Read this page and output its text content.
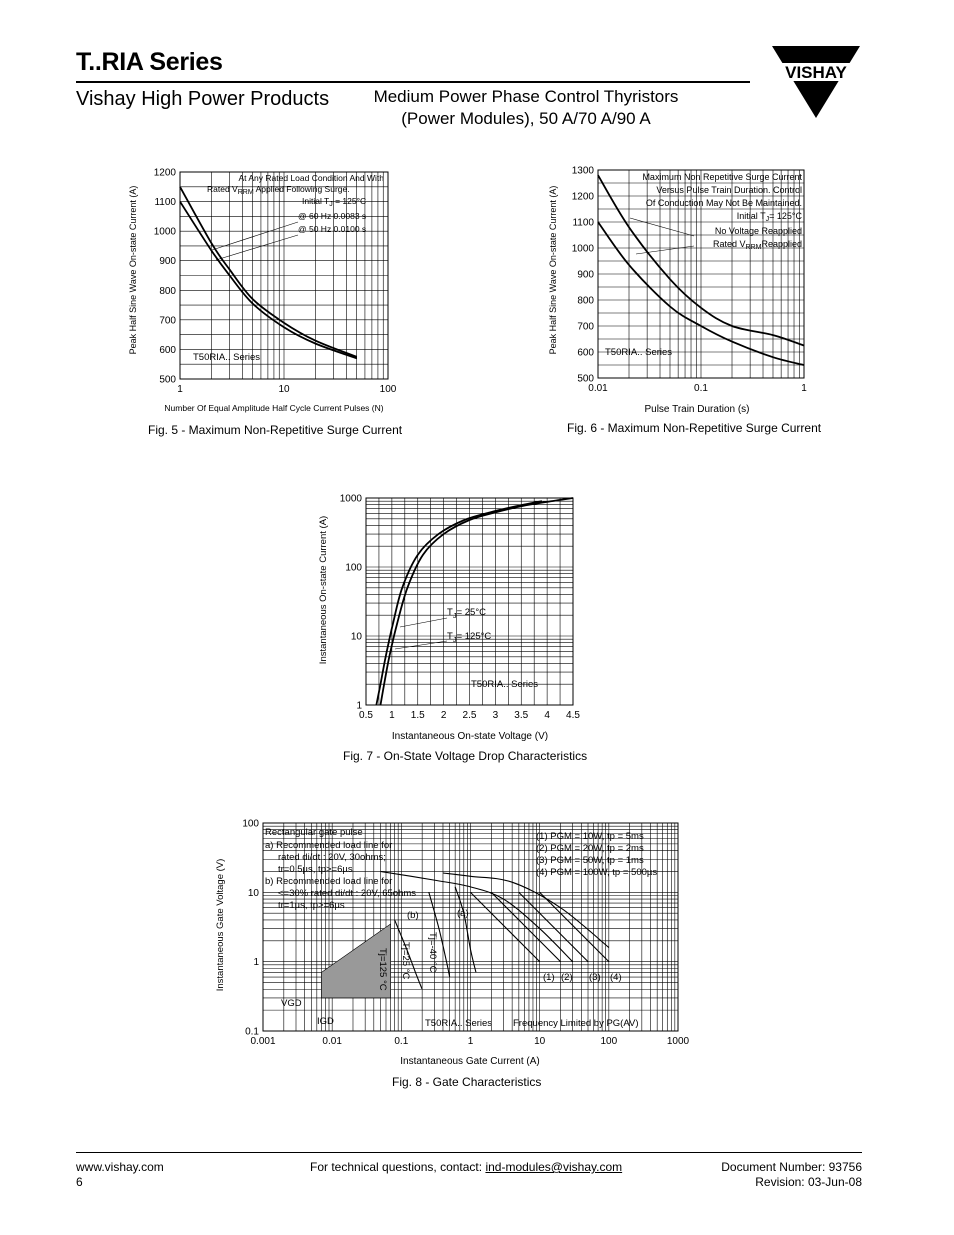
T..RIA Series
Vishay High Power Products	Medium Power Phase Control Thyristors
(Power Modules), 50 A/70 A/90 A
VISHAY
1	10	100
500
600
700
800
900
1000
1100
1200
T50RIA.. Series
At Any Rated Load Condition And With
Rated $V_{RRM}$ Applied Following Surge.
Initial $T_J = 125^\circ C$
@ 60 Hz 0.0083 s
@ 50 Hz 0.0100 s
Peak Half Sine Wave On-state Current (A)
Number Of Equal Amplitude Half Cycle Current Pulses (N)
Fig. 5 - Maximum Non-Repetitive Surge Current
0.01	0.1	1
500
600
700
800
900
1000
1100
1200
1300
T50RIA.. Series
Maximum Non Repetitive Surge Current
Versus Pulse Train Duration. Control
Of Conduction May Not Be Maintained.
Initial $T_J= 125^\circ C$
No Voltage Reapplied
Rated $V_{RRM}Reapplied$
Peak Half Sine Wave On-state Current (A)
Pulse Train Duration (s)
Fig. 6 - Maximum Non-Repetitive Surge Current
0.5 1 1.5 2 2.5 3 3.5 4 4.5
1
10
100
1000
$T_J= 25^\circ C$
$T_J= 125^\circ C$
T50RIA.. Series
Instantaneous On-state Current (A)
Instantaneous On-state Voltage (V)
Fig. 7 - On-State Voltage Drop Characteristics
0.001	0.01	0.1	1	10	100	1000
0.1
1
10
100
Rectangular gate pulse
a) Recommended load line for
rated di/dt : 20V, 30ohms;
tr=0.5µs, tp>=6µs
b) Recommended load line for
<=30% rated di/dt : 20V, 65ohms
tr=1µs, tp>=6µs
(1) PGM = 10W, tp = 5ms
(2) PGM = 20W, tp = 2ms
(3) PGM = 50W, tp = 1ms
(4) PGM = 100W, tp = 500µs
(a)
(b)
(1) (2) (3) (4)
Tj=-40 °C
Tj=25 °C
Tj=125 °C
VGD
IGD	T50RIA.. Series Frequency Limited by PG(AV)
Instantaneous Gate Voltage (V)
Instantaneous Gate Current (A)
Fig. 8 - Gate Characteristics
www.vishay.com
6
For technical questions, contact: ind-modules@vishay.com	Document Number: 93756
Revision: 03-Jun-08
